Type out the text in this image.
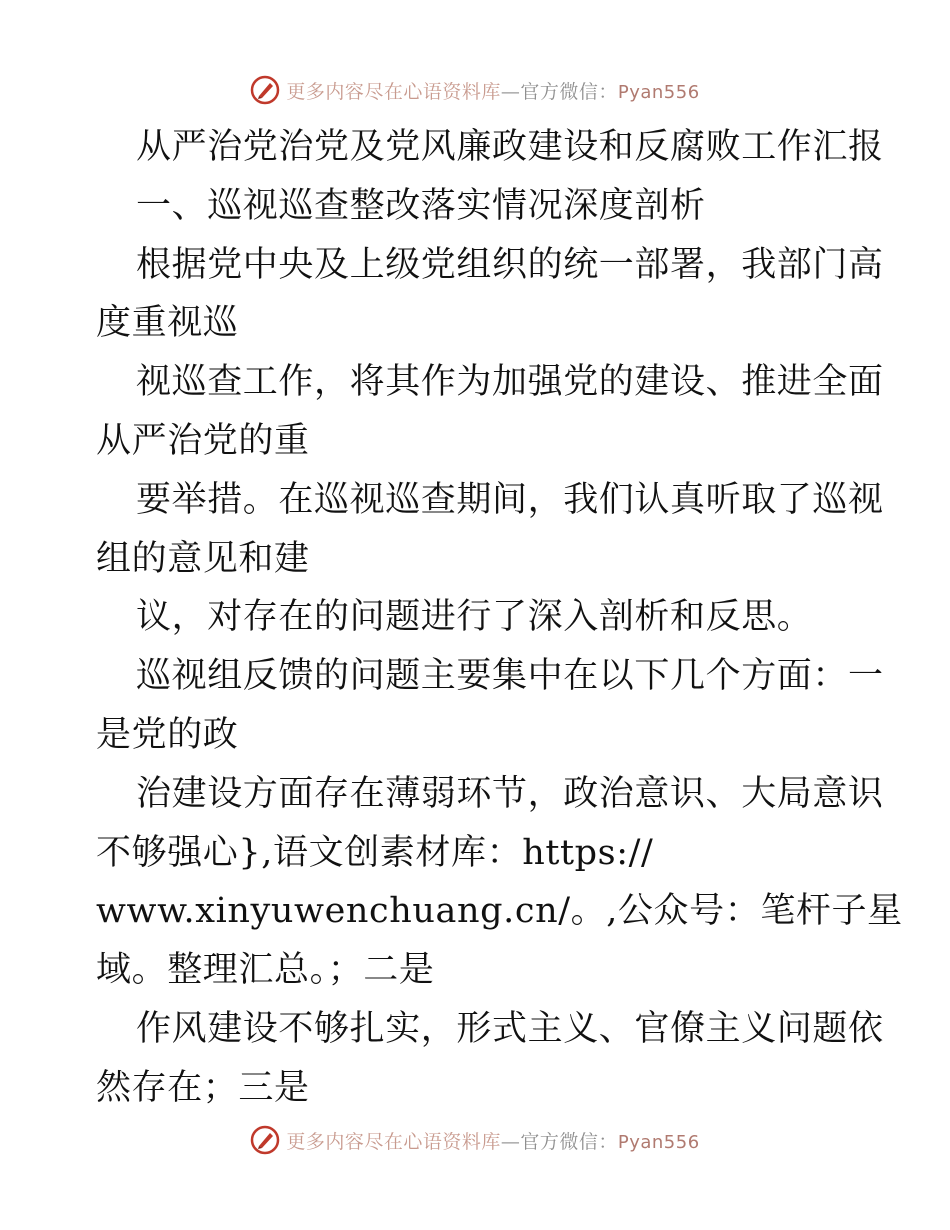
更多内容尽在心语资料库—官方微信：Pyan556
从严治党治党及党风廉政建设和反腐败工作汇报
一、巡视巡查整改落实情况深度剖析
根据党中央及上级党组织的统一部署，我部门高
度重视巡
视巡查工作，将其作为加强党的建设、推进全面
从严治党的重
要举措。在巡视巡查期间，我们认真听取了巡视
组的意见和建
议，对存在的问题进行了深入剖析和反思。
巡视组反馈的问题主要集中在以下几个方面：一
是党的政
治建设方面存在薄弱环节，政治意识、大局意识
不够强心},语文创素材库：https://
www.xinyuwenchuang.cn/。,公众号：笔杆子星
域。整理汇总。；二是
作风建设不够扎实，形式主义、官僚主义问题依
然存在；三是
更多内容尽在心语资料库—官方微信：Pyan556
